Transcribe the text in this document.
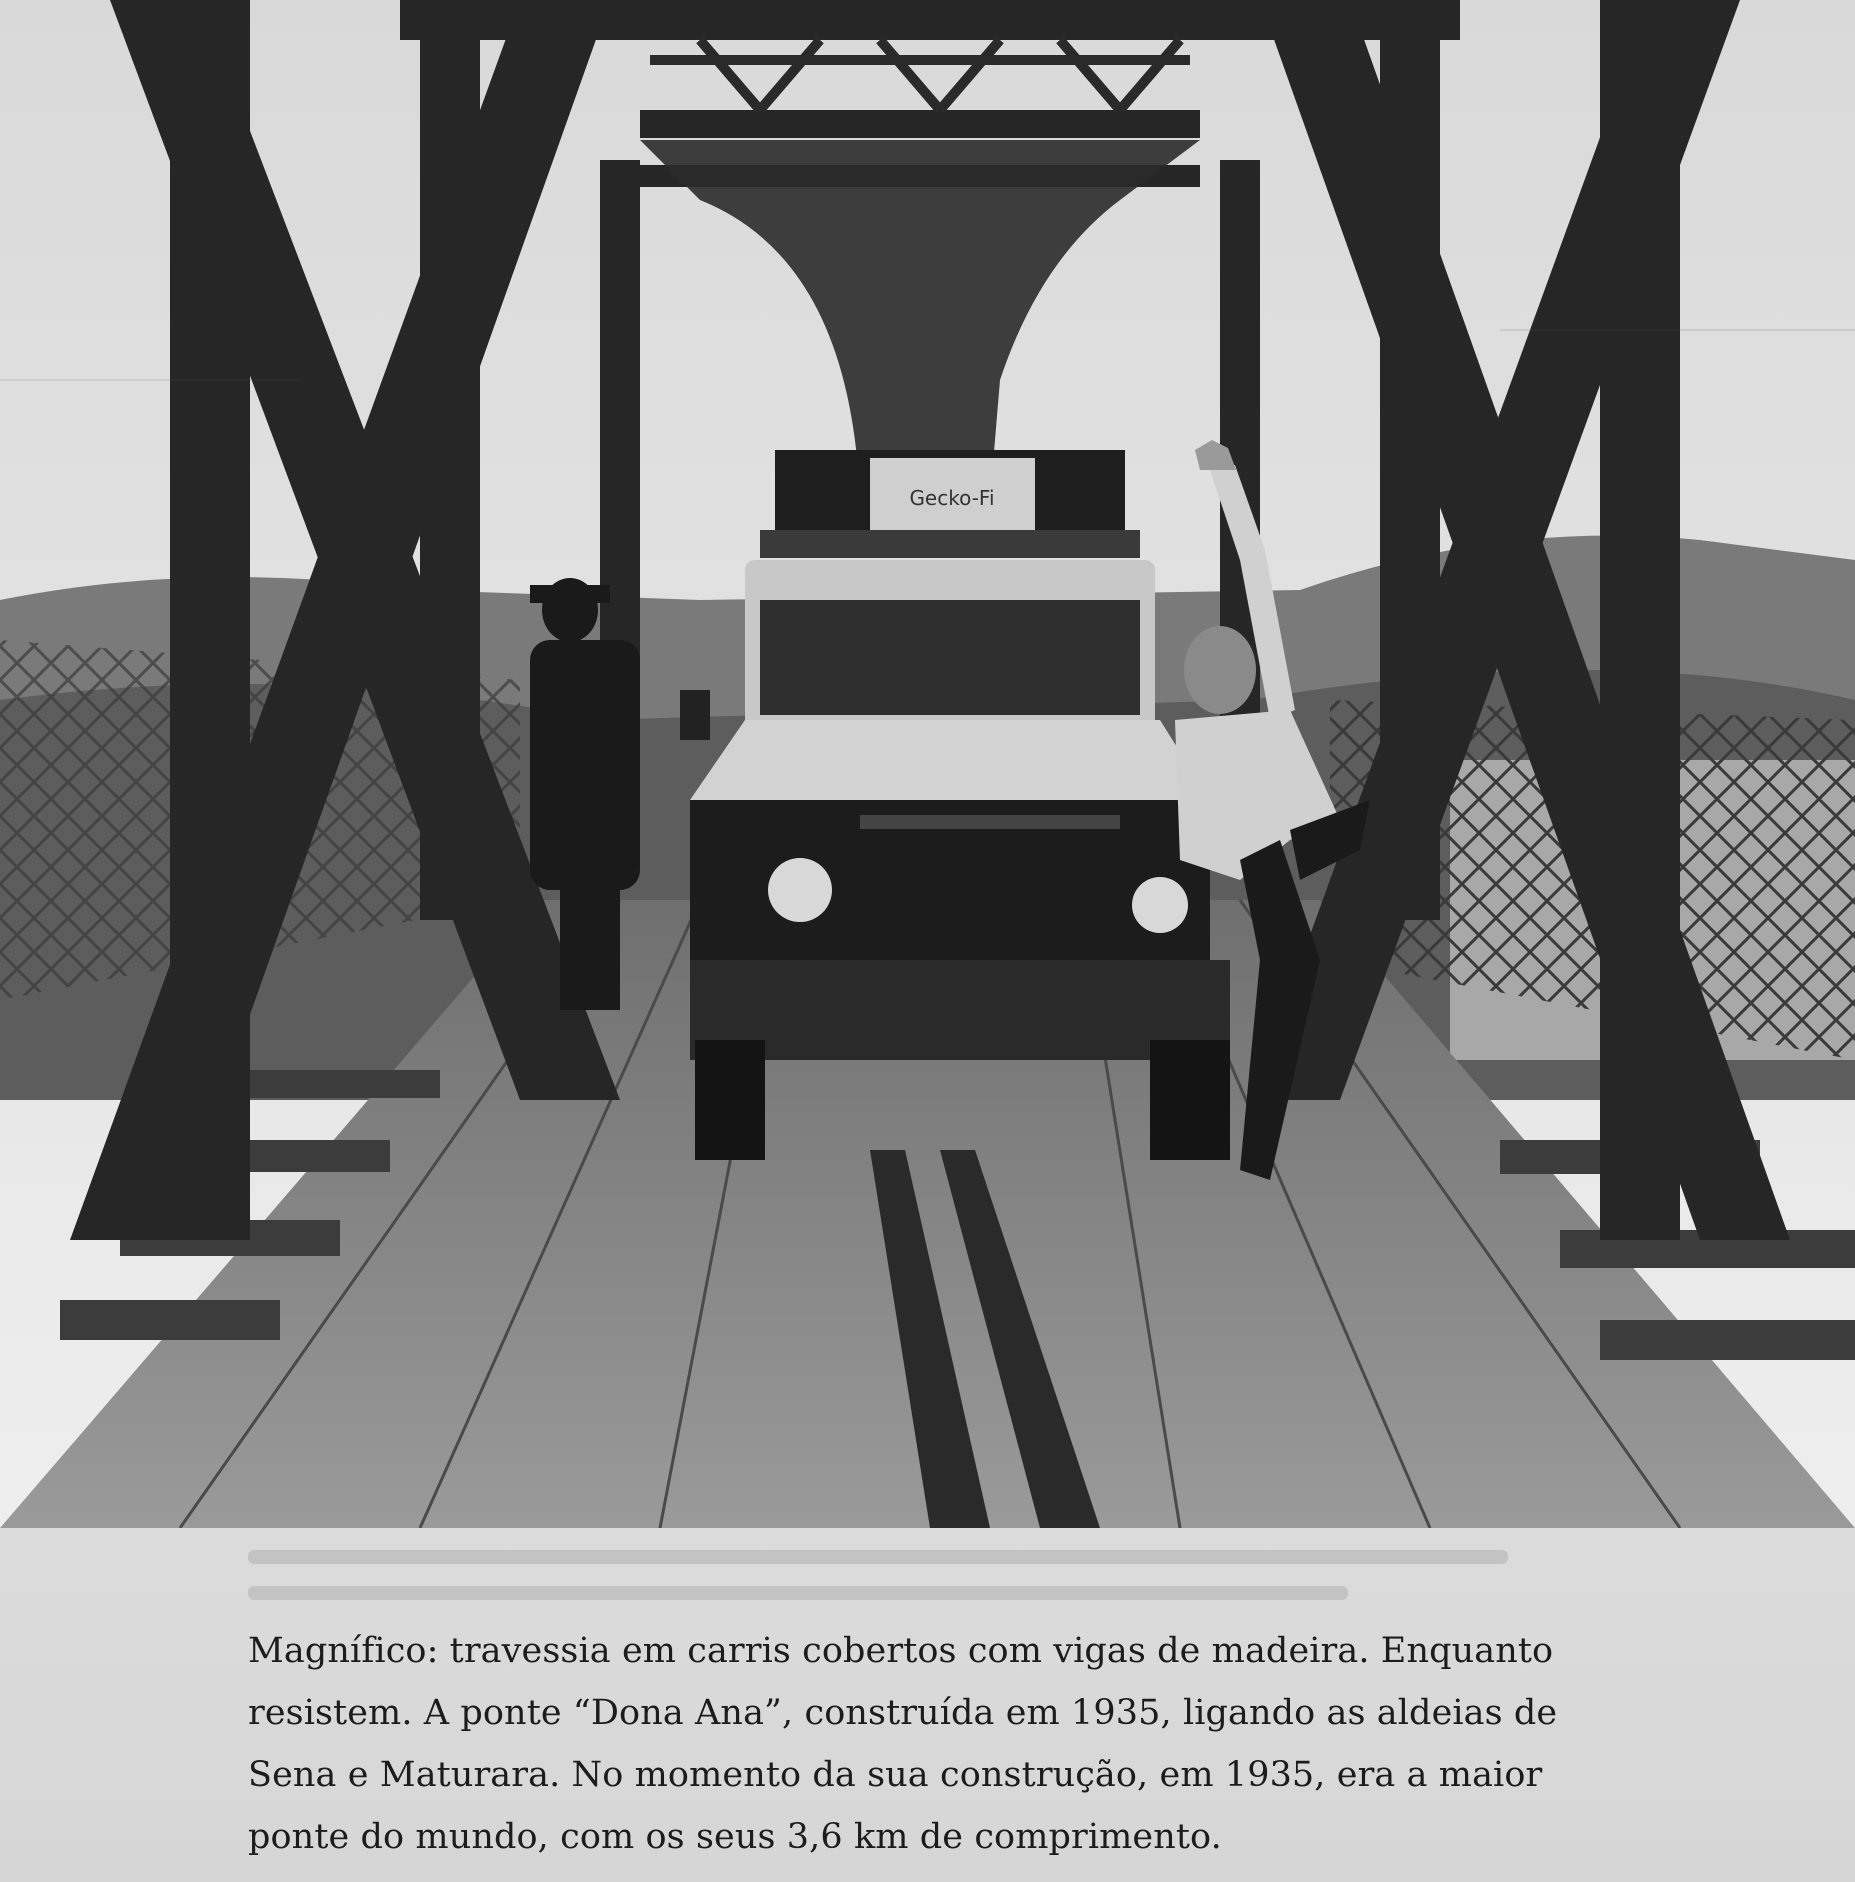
Gecko-Fi
Magnífico: travessia em carris cobertos com vigas de madeira. Enquanto
resistem. A ponte “Dona Ana”, construída em 1935, ligando as aldeias de
Sena e Maturara. No momento da sua construção, em 1935, era a maior
ponte do mundo, com os seus 3,6 km de comprimento.
